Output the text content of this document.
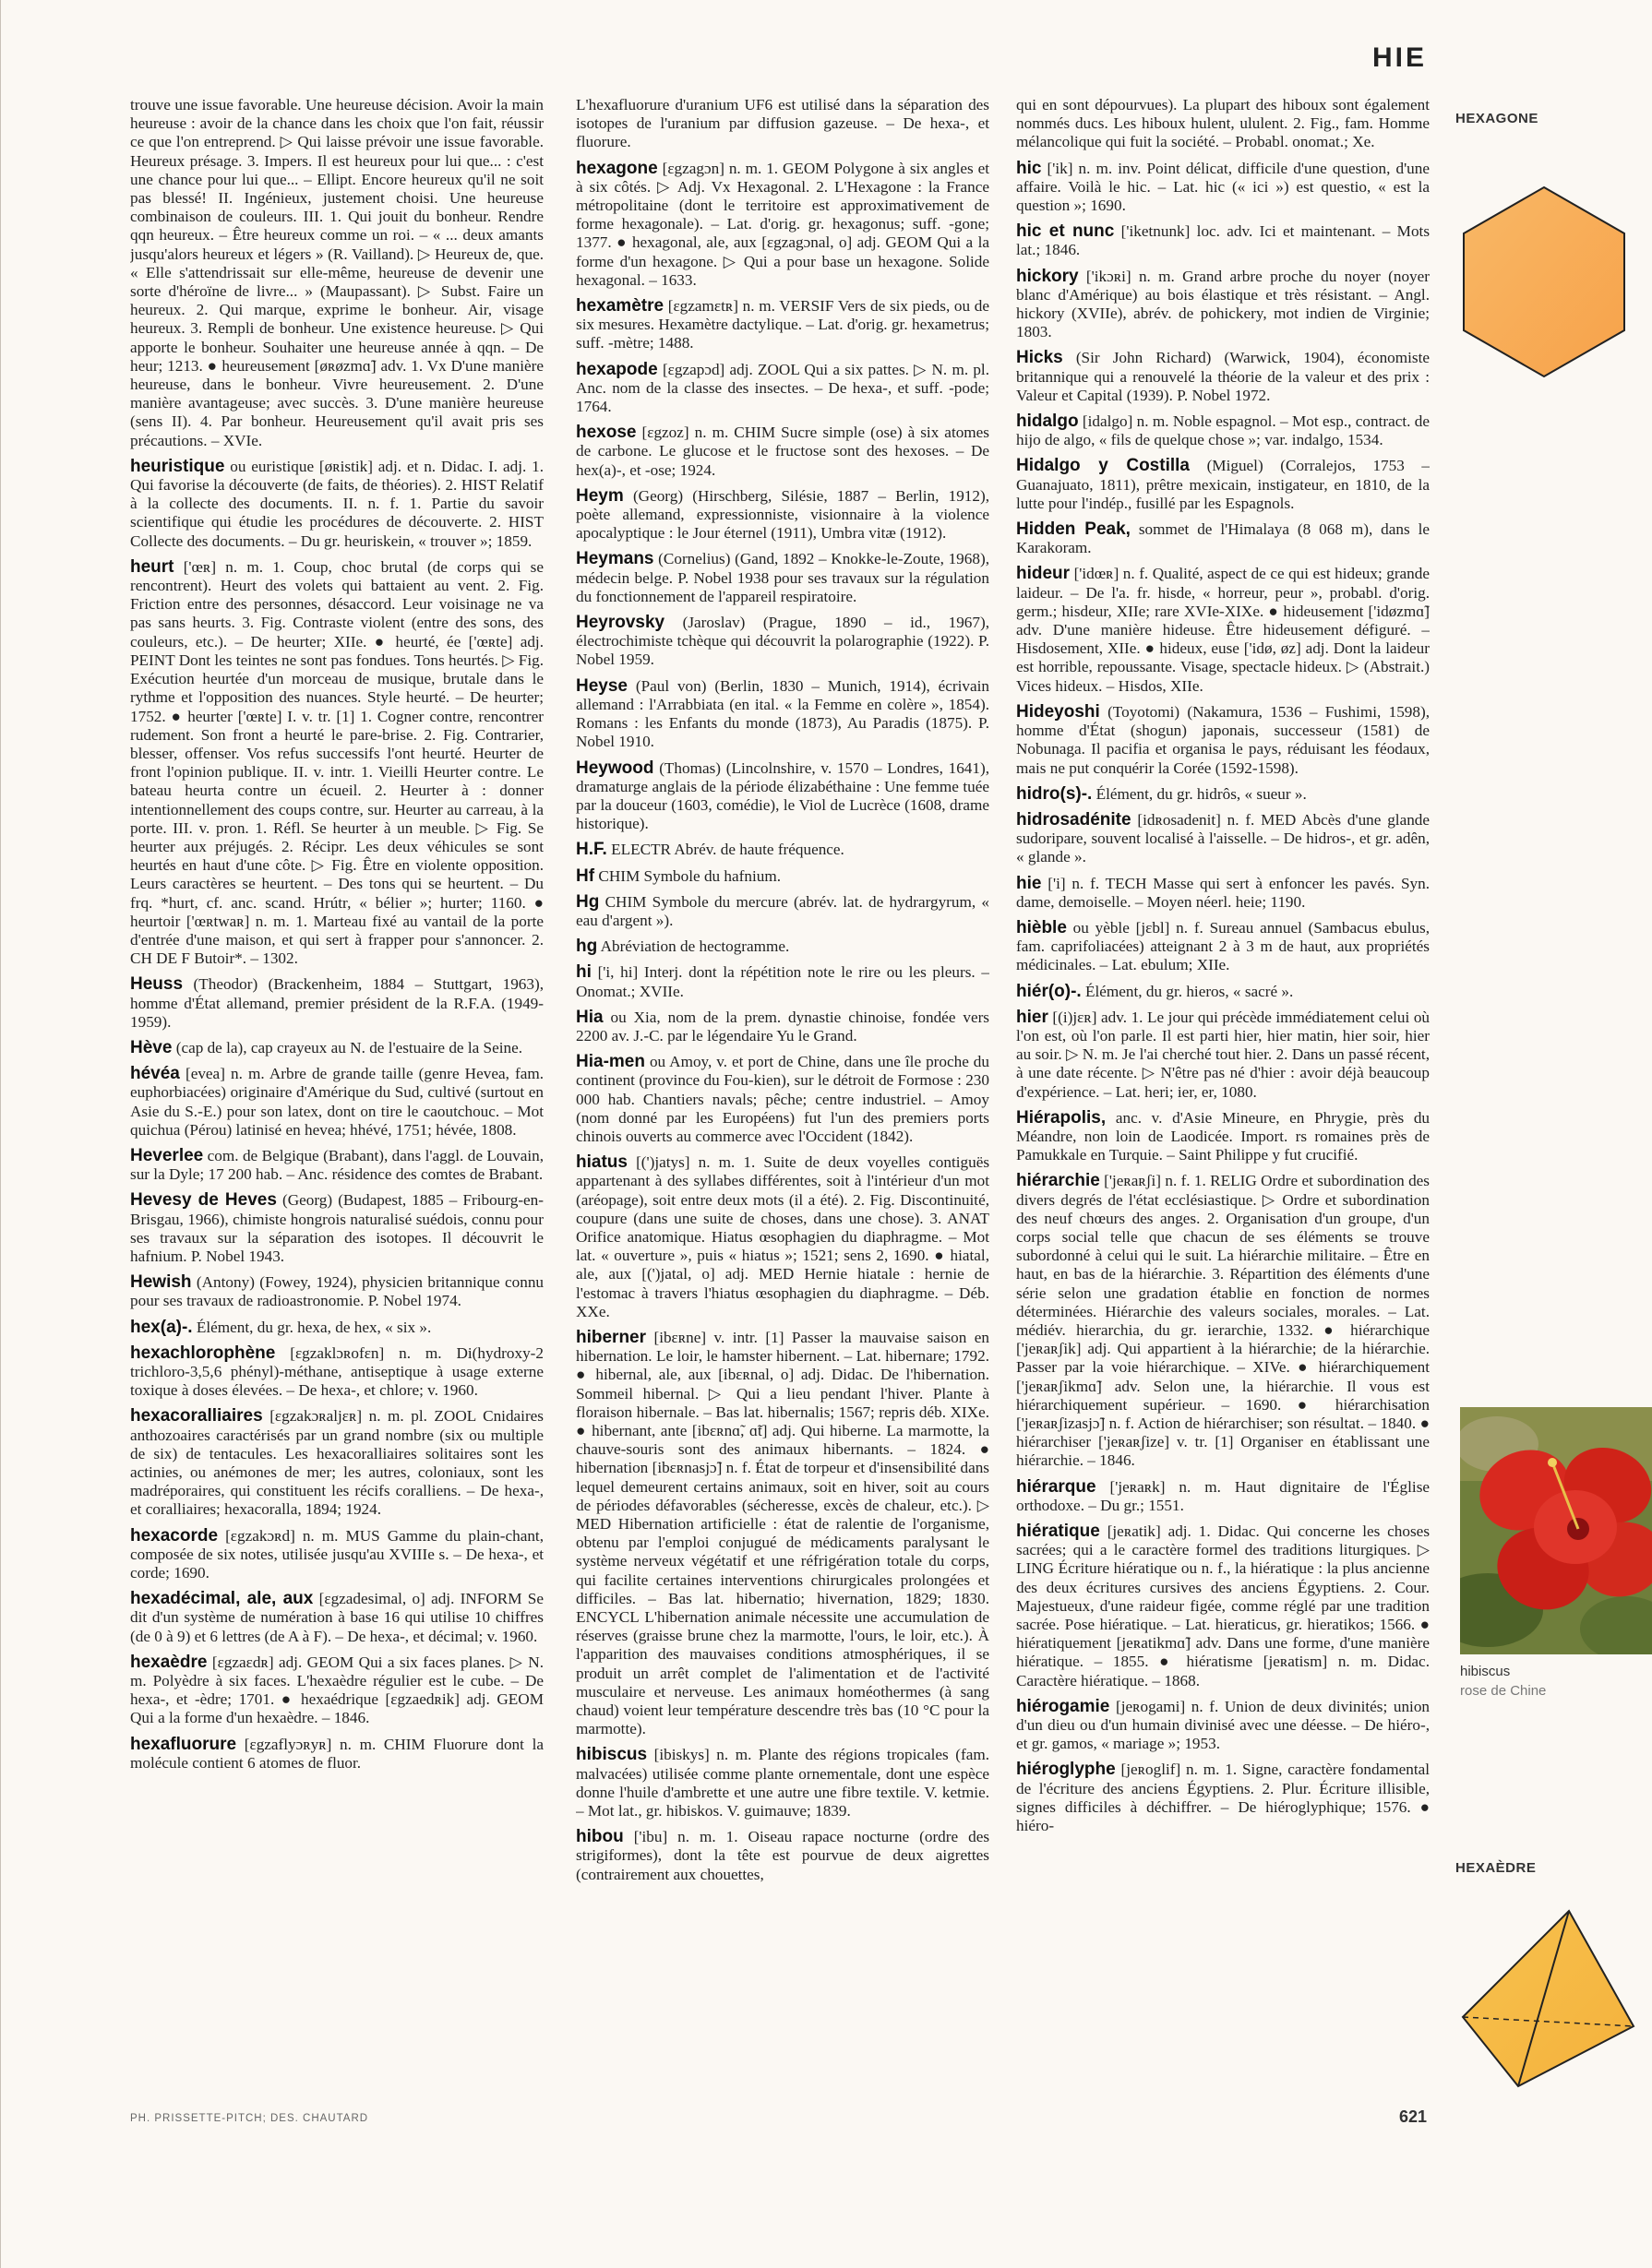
HIE

trouve une issue favorable. Une heureuse décision. Avoir la main heureuse : avoir de la chance dans les choix que l'on fait, réussir ce que l'on entreprend. ▷ Qui laisse prévoir une issue favorable. Heureux présage. 3. Impers. Il est heureux pour lui que... : c'est une chance pour lui que... – Ellipt. Encore heureux qu'il ne soit pas blessé! II. Ingénieux, justement choisi. Une heureuse combinaison de couleurs. III. 1. Qui jouit du bonheur. Rendre qqn heureux. – Être heureux comme un roi. – « ... deux amants jusqu'alors heureux et légers » (R. Vailland). ▷ Heureux de, que. « Elle s'attendrissait sur elle-même, heureuse de devenir une sorte d'héroïne de livre... » (Maupassant). ▷ Subst. Faire un heureux. 2. Qui marque, exprime le bonheur. Air, visage heureux. 3. Rempli de bonheur. Une existence heureuse. ▷ Qui apporte le bonheur. Souhaiter une heureuse année à qqn. – De heur; 1213. ● heureusement [øʀøzmɑ̃] adv. 1. Vx D'une manière heureuse, dans le bonheur. Vivre heureusement. 2. D'une manière avantageuse; avec succès. 3. D'une manière heureuse (sens II). 4. Par bonheur. Heureusement qu'il avait pris ses précautions. – XVIe.

heuristique ou euristique [øʀistik] adj. et n. Didac. I. adj. 1. Qui favorise la découverte (de faits, de théories). 2. HIST Relatif à la collecte des documents. II. n. f. 1. Partie du savoir scientifique qui étudie les procédures de découverte. 2. HIST Collecte des documents. – Du gr. heuriskein, « trouver »; 1859.

heurt ['œʀ] n. m. 1. Coup, choc brutal (de corps qui se rencontrent). Heurt des volets qui battaient au vent. 2. Fig. Friction entre des personnes, désaccord. Leur voisinage ne va pas sans heurts. 3. Fig. Contraste violent (entre des sons, des couleurs, etc.). – De heurter; XIIe. ● heurté, ée ['œʀte] adj. PEINT Dont les teintes ne sont pas fondues. Tons heurtés. ▷ Fig. Exécution heurtée d'un morceau de musique, brutale dans le rythme et l'opposition des nuances. Style heurté. – De heurter; 1752. ● heurter ['œʀte] I. v. tr. [1] 1. Cogner contre, rencontrer rudement. Son front a heurté le pare-brise. 2. Fig. Contrarier, blesser, offenser. Vos refus successifs l'ont heurté. Heurter de front l'opinion publique. II. v. intr. 1. Vieilli Heurter contre. Le bateau heurta contre un écueil. 2. Heurter à : donner intentionnellement des coups contre, sur. Heurter au carreau, à la porte. III. v. pron. 1. Réfl. Se heurter à un meuble. ▷ Fig. Se heurter aux préjugés. 2. Récipr. Les deux véhicules se sont heurtés en haut d'une côte. ▷ Fig. Être en violente opposition. Leurs caractères se heurtent. – Des tons qui se heurtent. – Du frq. *hurt, cf. anc. scand. Hrútr, « bélier »; hurter; 1160. ● heurtoir ['œʀtwaʀ] n. m. 1. Marteau fixé au vantail de la porte d'entrée d'une maison, et qui sert à frapper pour s'annoncer. 2. CH DE F Butoir*. – 1302.

Heuss (Theodor) (Brackenheim, 1884 – Stuttgart, 1963), homme d'État allemand, premier président de la R.F.A. (1949-1959).

Hève (cap de la), cap crayeux au N. de l'estuaire de la Seine.

hévéa [evea] n. m. Arbre de grande taille (genre Hevea, fam. euphorbiacées) originaire d'Amérique du Sud, cultivé (surtout en Asie du S.-E.) pour son latex, dont on tire le caoutchouc. – Mot quichua (Pérou) latinisé en hevea; hhévé, 1751; hévée, 1808.

Heverlee com. de Belgique (Brabant), dans l'aggl. de Louvain, sur la Dyle; 17 200 hab. – Anc. résidence des comtes de Brabant.

Hevesy de Heves (Georg) (Budapest, 1885 – Fribourg-en-Brisgau, 1966), chimiste hongrois naturalisé suédois, connu pour ses travaux sur la séparation des isotopes. Il découvrit le hafnium. P. Nobel 1943.

Hewish (Antony) (Fowey, 1924), physicien britannique connu pour ses travaux de radioastronomie. P. Nobel 1974.

hex(a)-. Élément, du gr. hexa, de hex, « six ».

hexachlorophène [ɛgzaklɔʀofɛn] n. m. Di(hydroxy-2 trichloro-3,5,6 phényl)-méthane, antiseptique à usage externe toxique à doses élevées. – De hexa-, et chlore; v. 1960.

hexacoralliaires [ɛgzakɔʀaljɛʀ] n. m. pl. ZOOL Cnidaires anthozoaires caractérisés par un grand nombre (six ou multiple de six) de tentacules. Les hexacoralliaires solitaires sont les actinies, ou anémones de mer; les autres, coloniaux, sont les madréporaires, qui constituent les récifs coralliens. – De hexa-, et coralliaires; hexacoralla, 1894; 1924.

hexacorde [ɛgzakɔʀd] n. m. MUS Gamme du plain-chant, composée de six notes, utilisée jusqu'au XVIIIe s. – De hexa-, et corde; 1690.

hexadécimal, ale, aux [ɛgzadesimal, o] adj. INFORM Se dit d'un système de numération à base 16 qui utilise 10 chiffres (de 0 à 9) et 6 lettres (de A à F). – De hexa-, et décimal; v. 1960.

hexaèdre [ɛgzaɛdʀ] adj. GEOM Qui a six faces planes. ▷ N. m. Polyèdre à six faces. L'hexaèdre régulier est le cube. – De hexa-, et -èdre; 1701. ● hexaédrique [ɛgzaedʀik] adj. GEOM Qui a la forme d'un hexaèdre. – 1846.

hexafluorure [ɛgzaflyɔʀyʀ] n. m. CHIM Fluorure dont la molécule contient 6 atomes de fluor.

L'hexafluorure d'uranium UF6 est utilisé dans la séparation des isotopes de l'uranium par diffusion gazeuse. – De hexa-, et fluorure.

hexagone [ɛgzagɔn] n. m. 1. GEOM Polygone à six angles et à six côtés. ▷ Adj. Vx Hexagonal. 2. L'Hexagone : la France métropolitaine (dont le territoire est approximativement de forme hexagonale). – Lat. d'orig. gr. hexagonus; suff. -gone; 1377. ● hexagonal, ale, aux [ɛgzagɔnal, o] adj. GEOM Qui a la forme d'un hexagone. ▷ Qui a pour base un hexagone. Solide hexagonal. – 1633.

hexamètre [ɛgzamɛtʀ] n. m. VERSIF Vers de six pieds, ou de six mesures. Hexamètre dactylique. – Lat. d'orig. gr. hexametrus; suff. -mètre; 1488.

hexapode [ɛgzapɔd] adj. ZOOL Qui a six pattes. ▷ N. m. pl. Anc. nom de la classe des insectes. – De hexa-, et suff. -pode; 1764.

hexose [ɛgzoz] n. m. CHIM Sucre simple (ose) à six atomes de carbone. Le glucose et le fructose sont des hexoses. – De hex(a)-, et -ose; 1924.

Heym (Georg) (Hirschberg, Silésie, 1887 – Berlin, 1912), poète allemand, expressionniste, visionnaire à la violence apocalyptique : le Jour éternel (1911), Umbra vitæ (1912).

Heymans (Cornelius) (Gand, 1892 – Knokke-le-Zoute, 1968), médecin belge. P. Nobel 1938 pour ses travaux sur la régulation du fonctionnement de l'appareil respiratoire.

Heyrovsky (Jaroslav) (Prague, 1890 – id., 1967), électrochimiste tchèque qui découvrit la polarographie (1922). P. Nobel 1959.

Heyse (Paul von) (Berlin, 1830 – Munich, 1914), écrivain allemand : l'Arrabbiata (en ital. « la Femme en colère », 1854). Romans : les Enfants du monde (1873), Au Paradis (1875). P. Nobel 1910.

Heywood (Thomas) (Lincolnshire, v. 1570 – Londres, 1641), dramaturge anglais de la période élizabéthaine : Une femme tuée par la douceur (1603, comédie), le Viol de Lucrèce (1608, drame historique).

H.F. ELECTR Abrév. de haute fréquence.

Hf CHIM Symbole du hafnium.

Hg CHIM Symbole du mercure (abrév. lat. de hydrargyrum, « eau d'argent »).

hg Abréviation de hectogramme.

hi ['i, hi] Interj. dont la répétition note le rire ou les pleurs. – Onomat.; XVIIe.

Hia ou Xia, nom de la prem. dynastie chinoise, fondée vers 2200 av. J.-C. par le légendaire Yu le Grand.

Hia-men ou Amoy, v. et port de Chine, dans une île proche du continent (province du Fou-kien), sur le détroit de Formose : 230 000 hab. Chantiers navals; pêche; centre industriel. – Amoy (nom donné par les Européens) fut l'un des premiers ports chinois ouverts au commerce avec l'Occident (1842).

hiatus [(')jatys] n. m. 1. Suite de deux voyelles contiguës appartenant à des syllabes différentes, soit à l'intérieur d'un mot (aréopage), soit entre deux mots (il a été). 2. Fig. Discontinuité, coupure (dans une suite de choses, dans une chose). 3. ANAT Orifice anatomique. Hiatus œsophagien du diaphragme. – Mot lat. « ouverture », puis « hiatus »; 1521; sens 2, 1690. ● hiatal, ale, aux [(')jatal, o] adj. MED Hernie hiatale : hernie de l'estomac à travers l'hiatus œsophagien du diaphragme. – Déb. XXe.

hiberner [ibɛʀne] v. intr. [1] Passer la mauvaise saison en hibernation. Le loir, le hamster hibernent. – Lat. hibernare; 1792. ● hibernal, ale, aux [ibɛʀnal, o] adj. Didac. De l'hibernation. Sommeil hibernal. ▷ Qui a lieu pendant l'hiver. Plante à floraison hibernale. – Bas lat. hibernalis; 1567; repris déb. XIXe. ● hibernant, ante [ibɛʀnɑ̃, ɑ̃t] adj. Qui hiberne. La marmotte, la chauve-souris sont des animaux hibernants. – 1824. ● hibernation [ibɛʀnasjɔ̃] n. f. État de torpeur et d'insensibilité dans lequel demeurent certains animaux, soit en hiver, soit au cours de périodes défavorables (sécheresse, excès de chaleur, etc.). ▷ MED Hibernation artificielle : état de ralentie de l'organisme, obtenu par l'emploi conjugué de médicaments paralysant le système nerveux végétatif et une réfrigération totale du corps, qui facilite certaines interventions chirurgicales prolongées et difficiles. – Bas lat. hibernatio; hivernation, 1829; 1830. ENCYCL L'hibernation animale nécessite une accumulation de réserves (graisse brune chez la marmotte, l'ours, le loir, etc.). À l'apparition des mauvaises conditions atmosphériques, il se produit un arrêt complet de l'alimentation et de l'activité musculaire et nerveuse. Les animaux homéothermes (à sang chaud) voient leur température descendre très bas (10 °C pour la marmotte).

hibiscus [ibiskys] n. m. Plante des régions tropicales (fam. malvacées) utilisée comme plante ornementale, dont une espèce donne l'huile d'ambrette et une autre une fibre textile. V. ketmie. – Mot lat., gr. hibiskos. V. guimauve; 1839.

hibou ['ibu] n. m. 1. Oiseau rapace nocturne (ordre des strigiformes), dont la tête est pourvue de deux aigrettes (contrairement aux chouettes,

qui en sont dépourvues). La plupart des hiboux sont également nommés ducs. Les hiboux hulent, ululent. 2. Fig., fam. Homme mélancolique qui fuit la société. – Probabl. onomat.; Xe.

hic ['ik] n. m. inv. Point délicat, difficile d'une question, d'une affaire. Voilà le hic. – Lat. hic (« ici ») est questio, « est la question »; 1690.

hic et nunc ['iketnunk] loc. adv. Ici et maintenant. – Mots lat.; 1846.

hickory ['ikɔʀi] n. m. Grand arbre proche du noyer (noyer blanc d'Amérique) au bois élastique et très résistant. – Angl. hickory (XVIIe), abrév. de pohickery, mot indien de Virginie; 1803.

Hicks (Sir John Richard) (Warwick, 1904), économiste britannique qui a renouvelé la théorie de la valeur et des prix : Valeur et Capital (1939). P. Nobel 1972.

hidalgo [idalgo] n. m. Noble espagnol. – Mot esp., contract. de hijo de algo, « fils de quelque chose »; var. indalgo, 1534.

Hidalgo y Costilla (Miguel) (Corralejos, 1753 – Guanajuato, 1811), prêtre mexicain, instigateur, en 1810, de la lutte pour l'indép., fusillé par les Espagnols.

Hidden Peak, sommet de l'Himalaya (8 068 m), dans le Karakoram.

hideur ['idœʀ] n. f. Qualité, aspect de ce qui est hideux; grande laideur. – De l'a. fr. hisde, « horreur, peur », probabl. d'orig. germ.; hisdeur, XIIe; rare XVIe-XIXe. ● hideusement ['idøzmɑ̃] adv. D'une manière hideuse. Être hideusement défiguré. – Hisdosement, XIIe. ● hideux, euse ['idø, øz] adj. Dont la laideur est horrible, repoussante. Visage, spectacle hideux. ▷ (Abstrait.) Vices hideux. – Hisdos, XIIe.

Hideyoshi (Toyotomi) (Nakamura, 1536 – Fushimi, 1598), homme d'État (shogun) japonais, successeur (1581) de Nobunaga. Il pacifia et organisa le pays, réduisant les féodaux, mais ne put conquérir la Corée (1592-1598).

hidro(s)-. Élément, du gr. hidrôs, « sueur ».

hidrosadénite [idʀosadenit] n. f. MED Abcès d'une glande sudoripare, souvent localisé à l'aisselle. – De hidros-, et gr. adên, « glande ».

hie ['i] n. f. TECH Masse qui sert à enfoncer les pavés. Syn. dame, demoiselle. – Moyen néerl. heie; 1190.

hièble ou yèble [jɛbl] n. f. Sureau annuel (Sambacus ebulus, fam. caprifoliacées) atteignant 2 à 3 m de haut, aux propriétés médicinales. – Lat. ebulum; XIIe.

hiér(o)-. Élément, du gr. hieros, « sacré ».

hier [(i)jɛʀ] adv. 1. Le jour qui précède immédiatement celui où l'on est, où l'on parle. Il est parti hier, hier matin, hier soir, hier au soir. ▷ N. m. Je l'ai cherché tout hier. 2. Dans un passé récent, à une date récente. ▷ N'être pas né d'hier : avoir déjà beaucoup d'expérience. – Lat. heri; ier, er, 1080.

Hiérapolis, anc. v. d'Asie Mineure, en Phrygie, près du Méandre, non loin de Laodicée. Import. rs romaines près de Pamukkale en Turquie. – Saint Philippe y fut crucifié.

hiérarchie ['jeʀaʀʃi] n. f. 1. RELIG Ordre et subordination des divers degrés de l'état ecclésiastique. ▷ Ordre et subordination des neuf chœurs des anges. 2. Organisation d'un groupe, d'un corps social telle que chacun de ses éléments se trouve subordonné à celui qui le suit. La hiérarchie militaire. – Être en haut, en bas de la hiérarchie. 3. Répartition des éléments d'une série selon une gradation établie en fonction de normes déterminées. Hiérarchie des valeurs sociales, morales. – Lat. médiév. hierarchia, du gr. ierarchie, 1332. ● hiérarchique ['jeʀaʀʃik] adj. Qui appartient à la hiérarchie; de la hiérarchie. Passer par la voie hiérarchique. – XIVe. ● hiérarchiquement ['jeʀaʀʃikmɑ̃] adv. Selon une, la hiérarchie. Il vous est hiérarchiquement supérieur. – 1690. ● hiérarchisation ['jeʀaʀʃizasjɔ̃] n. f. Action de hiérarchiser; son résultat. – 1840. ● hiérarchiser ['jeʀaʀʃize] v. tr. [1] Organiser en établissant une hiérarchie. – 1846.

hiérarque ['jeʀaʀk] n. m. Haut dignitaire de l'Église orthodoxe. – Du gr.; 1551.

hiératique [jeʀatik] adj. 1. Didac. Qui concerne les choses sacrées; qui a le caractère formel des traditions liturgiques. ▷ LING Écriture hiératique ou n. f., la hiératique : la plus ancienne des deux écritures cursives des anciens Égyptiens. 2. Cour. Majestueux, d'une raideur figée, comme réglé par une tradition sacrée. Pose hiératique. – Lat. hieraticus, gr. hieratikos; 1566. ● hiératiquement [jeʀatikmɑ̃] adv. Dans une forme, d'une manière hiératique. – 1855. ● hiératisme [jeʀatism] n. m. Didac. Caractère hiératique. – 1868.

hiérogamie [jeʀogami] n. f. Union de deux divinités; union d'un dieu ou d'un humain divinisé avec une déesse. – De hiéro-, et gr. gamos, « mariage »; 1953.

hiéroglyphe [jeʀoglif] n. m. 1. Signe, caractère fondamental de l'écriture des anciens Égyptiens. 2. Plur. Écriture illisible, signes difficiles à déchiffrer. – De hiéroglyphique; 1576. ● hiéro-

HEXAGONE
hibiscus
rose de Chine
HEXAÈDRE
PH. PRISSETTE-PITCH; DES. CHAUTARD	621
